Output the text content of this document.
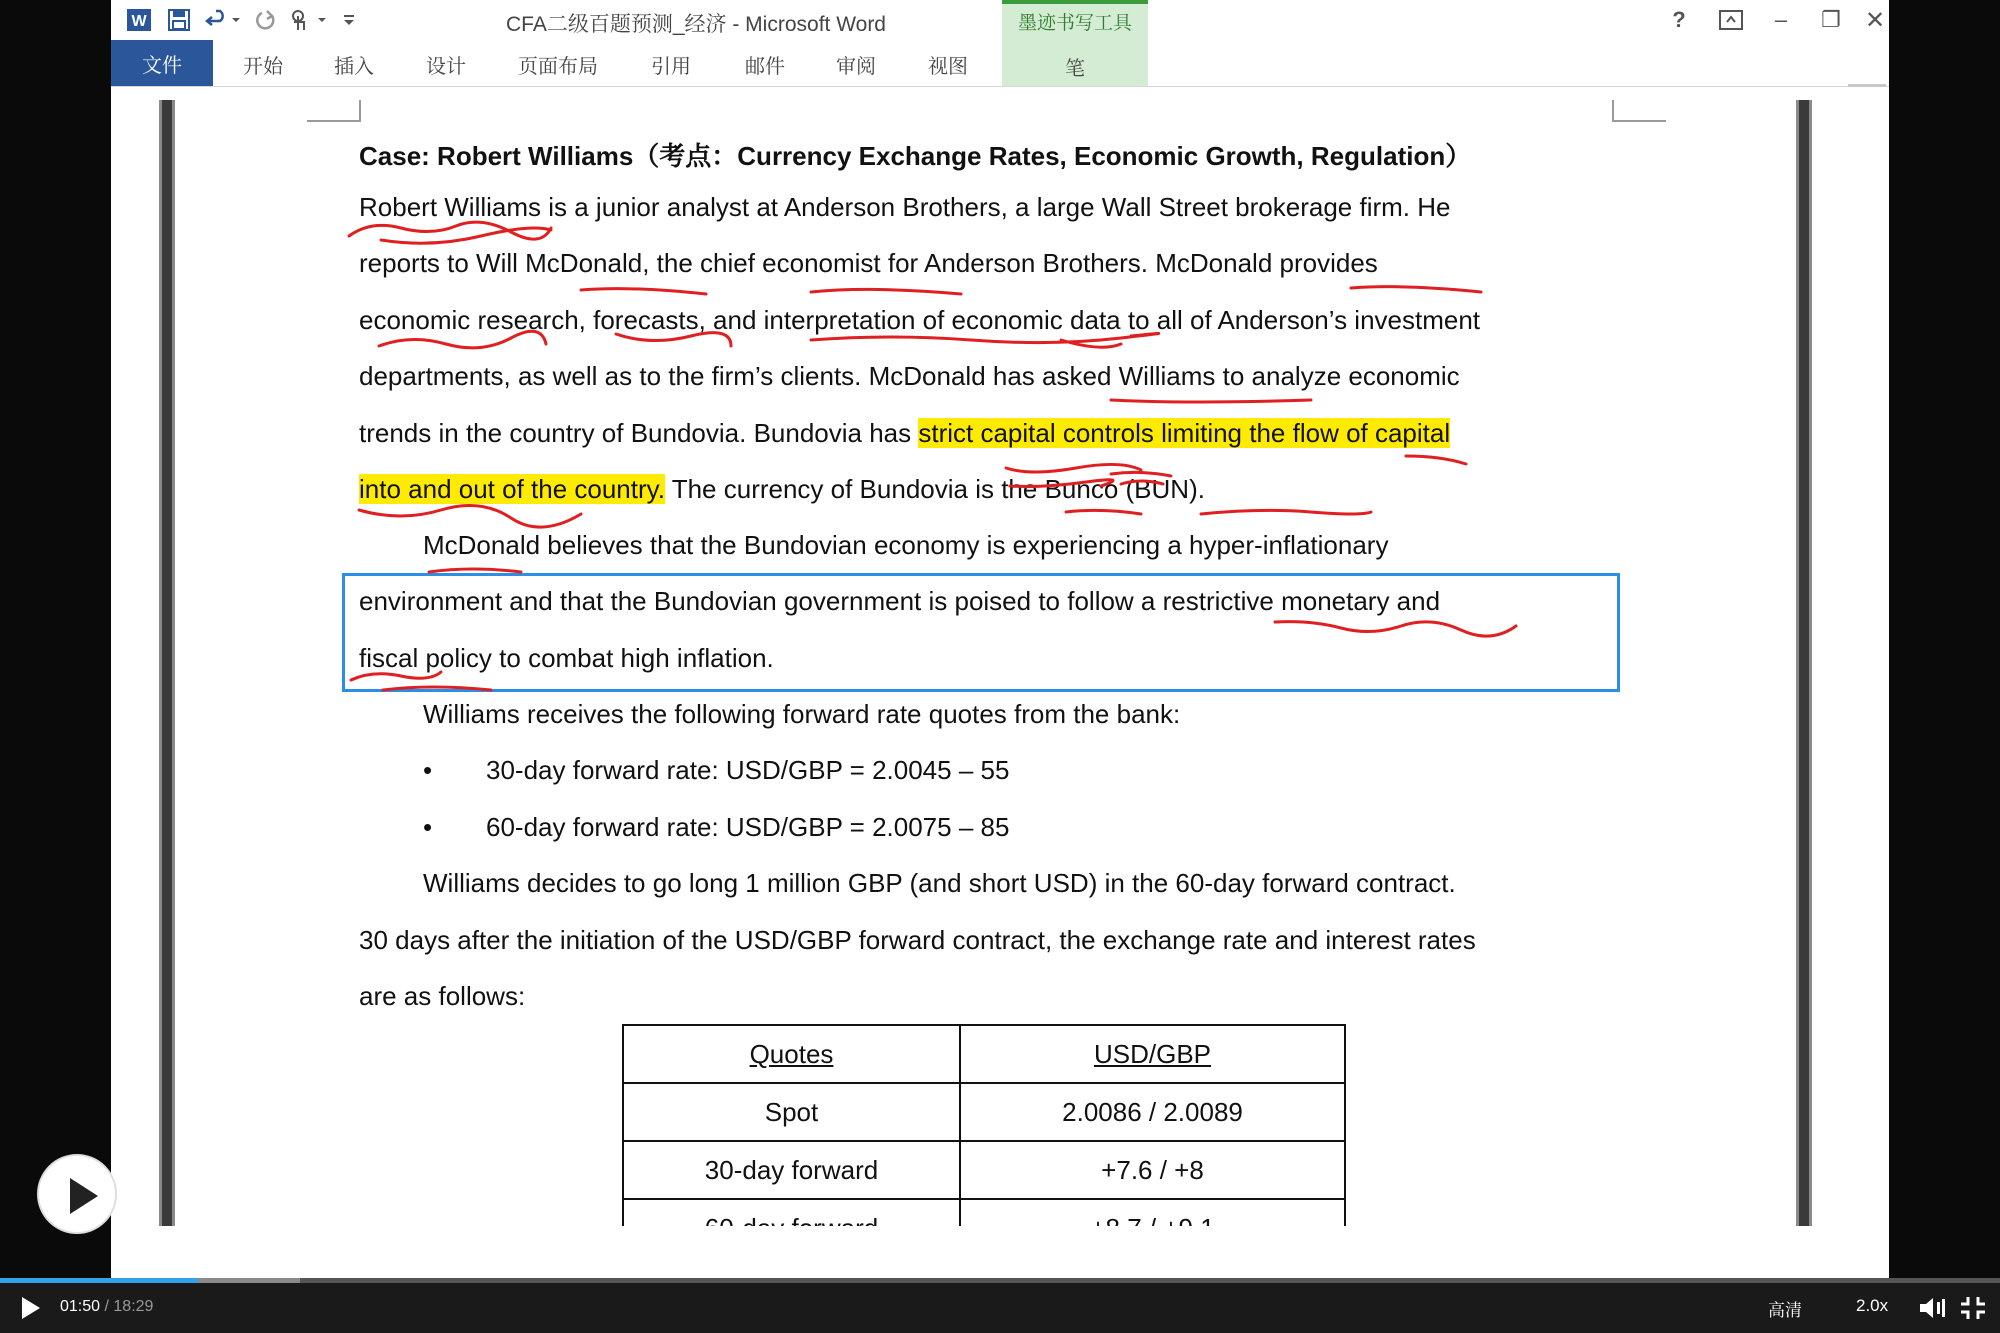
W	CFA二级百题预测_经济 - Microsoft Word	?	–	❐	✕
文件	开始	插入	设计	页面布局	引用	邮件	审阅	视图
墨迹书写工具
笔
Case: Robert Williams（考点：Currency Exchange Rates, Economic Growth, Regulation）
Robert Williams is a junior analyst at Anderson Brothers, a large Wall Street brokerage firm. He
reports to Will McDonald, the chief economist for Anderson Brothers. McDonald provides
economic research, forecasts, and interpretation of economic data to all of Anderson’s investment
departments, as well as to the firm’s clients. McDonald has asked Williams to analyze economic
trends in the country of Bundovia. Bundovia has strict capital controls limiting the flow of capital
into and out of the country. The currency of Bundovia is the Bunco (BUN).
McDonald believes that the Bundovian economy is experiencing a hyper-inflationary
environment and that the Bundovian government is poised to follow a restrictive monetary and
fiscal policy to combat high inflation.
Williams receives the following forward rate quotes from the bank:
• 30-day forward rate: USD/GBP = 2.0045 – 55
• 60-day forward rate: USD/GBP = 2.0075 – 85
Williams decides to go long 1 million GBP (and short USD) in the 60-day forward contract.
30 days after the initiation of the USD/GBP forward contract, the exchange rate and interest rates
are as follows:
Quotes	USD/GBP
Spot	2.0086 / 2.0089
30-day forward	+7.6 / +8

01:50 / 18:29	高清	2.0x
